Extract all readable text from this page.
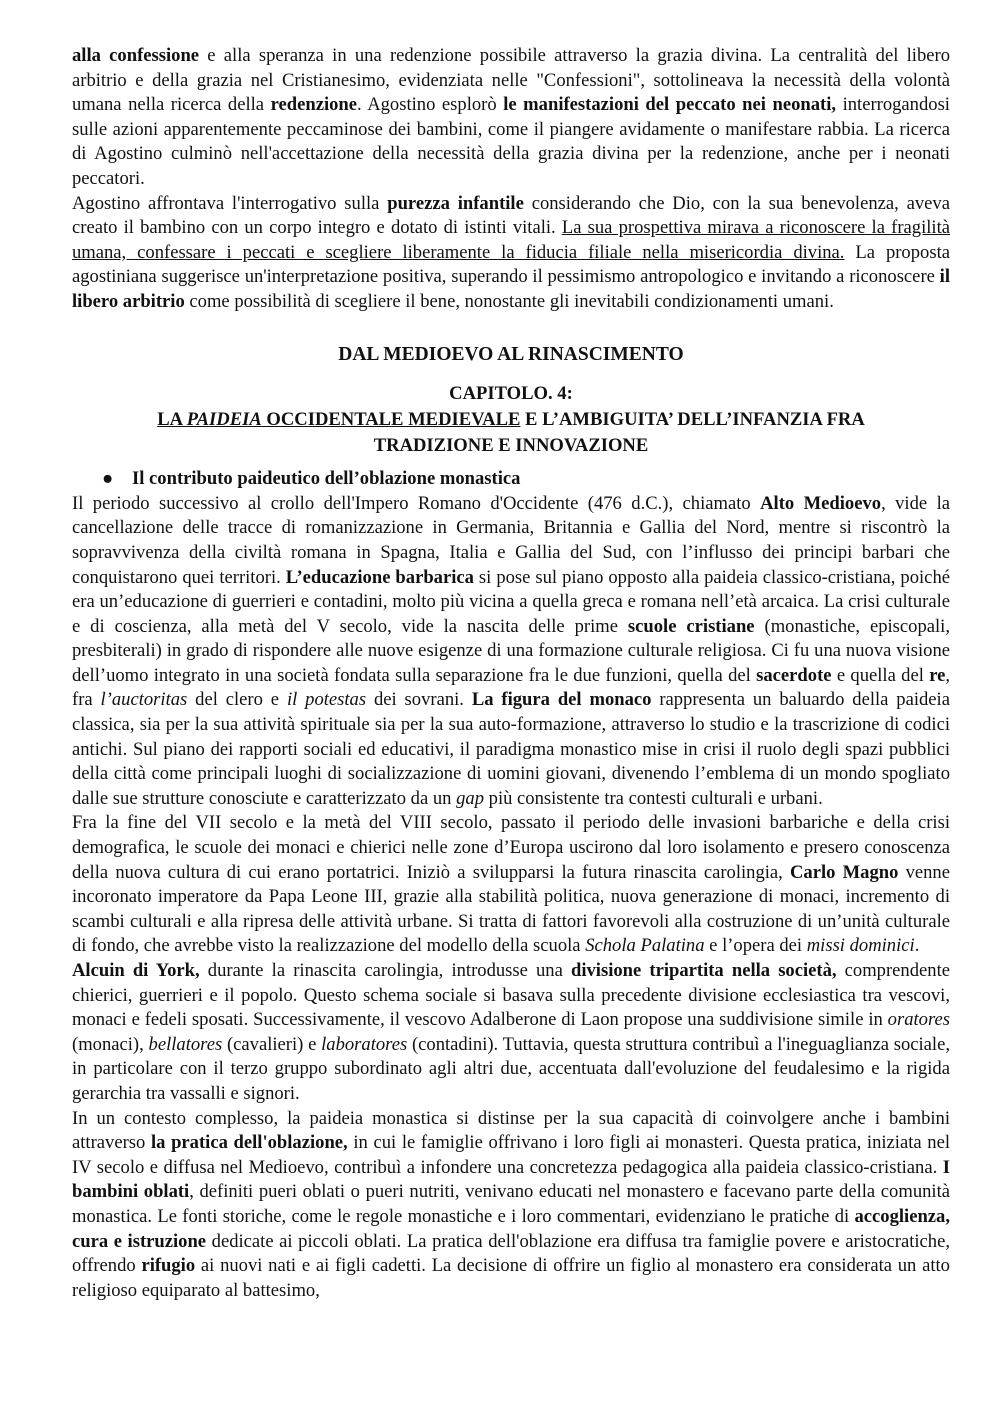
alla confessione e alla speranza in una redenzione possibile attraverso la grazia divina. La centralità del libero arbitrio e della grazia nel Cristianesimo, evidenziata nelle "Confessioni", sottolineava la necessità della volontà umana nella ricerca della redenzione. Agostino esplorò le manifestazioni del peccato nei neonati, interrogandosi sulle azioni apparentemente peccaminose dei bambini, come il piangere avidamente o manifestare rabbia. La ricerca di Agostino culminò nell'accettazione della necessità della grazia divina per la redenzione, anche per i neonati peccatori.

Agostino affrontava l'interrogativo sulla purezza infantile considerando che Dio, con la sua benevolenza, aveva creato il bambino con un corpo integro e dotato di istinti vitali. La sua prospettiva mirava a riconoscere la fragilità umana, confessare i peccati e scegliere liberamente la fiducia filiale nella misericordia divina. La proposta agostiniana suggerisce un'interpretazione positiva, superando il pessimismo antropologico e invitando a riconoscere il libero arbitrio come possibilità di scegliere il bene, nonostante gli inevitabili condizionamenti umani.

DAL MEDIOEVO AL RINASCIMENTO
CAPITOLO. 4:
LA PAIDEIA OCCIDENTALE MEDIEVALE E L’AMBIGUITA’ DELL’INFANZIA FRA
TRADIZIONE E INNOVAZIONE
● Il contributo paideutico dell’oblazione monastica

Il periodo successivo al crollo dell'Impero Romano d'Occidente (476 d.C.), chiamato Alto Medioevo, vide la cancellazione delle tracce di romanizzazione in Germania, Britannia e Gallia del Nord, mentre si riscontrò la sopravvivenza della civiltà romana in Spagna, Italia e Gallia del Sud, con l’influsso dei principi barbari che conquistarono quei territori. L’educazione barbarica si pose sul piano opposto alla paideia classico-cristiana, poiché era un’educazione di guerrieri e contadini, molto più vicina a quella greca e romana nell’età arcaica. La crisi culturale e di coscienza, alla metà del V secolo, vide la nascita delle prime scuole cristiane (monastiche, episcopali, presbiterali) in grado di rispondere alle nuove esigenze di una formazione culturale religiosa. Ci fu una nuova visione dell’uomo integrato in una società fondata sulla separazione fra le due funzioni, quella del sacerdote e quella del re, fra l’auctoritas del clero e il potestas dei sovrani. La figura del monaco rappresenta un baluardo della paideia classica, sia per la sua attività spirituale sia per la sua auto-formazione, attraverso lo studio e la trascrizione di codici antichi. Sul piano dei rapporti sociali ed educativi, il paradigma monastico mise in crisi il ruolo degli spazi pubblici della città come principali luoghi di socializzazione di uomini giovani, divenendo l’emblema di un mondo spogliato dalle sue strutture conosciute e caratterizzato da un gap più consistente tra contesti culturali e urbani.

Fra la fine del VII secolo e la metà del VIII secolo, passato il periodo delle invasioni barbariche e della crisi demografica, le scuole dei monaci e chierici nelle zone d’Europa uscirono dal loro isolamento e presero conoscenza della nuova cultura di cui erano portatrici. Iniziò a svilupparsi la futura rinascita carolingia, Carlo Magno venne incoronato imperatore da Papa Leone III, grazie alla stabilità politica, nuova generazione di monaci, incremento di scambi culturali e alla ripresa delle attività urbane. Si tratta di fattori favorevoli alla costruzione di un’unità culturale di fondo, che avrebbe visto la realizzazione del modello della scuola Schola Palatina e l’opera dei missi dominici.

Alcuin di York, durante la rinascita carolingia, introdusse una divisione tripartita nella società, comprendente chierici, guerrieri e il popolo. Questo schema sociale si basava sulla precedente divisione ecclesiastica tra vescovi, monaci e fedeli sposati. Successivamente, il vescovo Adalberone di Laon propose una suddivisione simile in oratores (monaci), bellatores (cavalieri) e laboratores (contadini). Tuttavia, questa struttura contribuì a l'ineguaglianza sociale, in particolare con il terzo gruppo subordinato agli altri due, accentuata dall'evoluzione del feudalesimo e la rigida gerarchia tra vassalli e signori.

In un contesto complesso, la paideia monastica si distinse per la sua capacità di coinvolgere anche i bambini attraverso la pratica dell'oblazione, in cui le famiglie offrivano i loro figli ai monasteri. Questa pratica, iniziata nel IV secolo e diffusa nel Medioevo, contribuì a infondere una concretezza pedagogica alla paideia classico-cristiana. I bambini oblati, definiti pueri oblati o pueri nutriti, venivano educati nel monastero e facevano parte della comunità monastica. Le fonti storiche, come le regole monastiche e i loro commentari, evidenziano le pratiche di accoglienza, cura e istruzione dedicate ai piccoli oblati. La pratica dell'oblazione era diffusa tra famiglie povere e aristocratiche, offrendo rifugio ai nuovi nati e ai figli cadetti. La decisione di offrire un figlio al monastero era considerata un atto religioso equiparato al battesimo,
